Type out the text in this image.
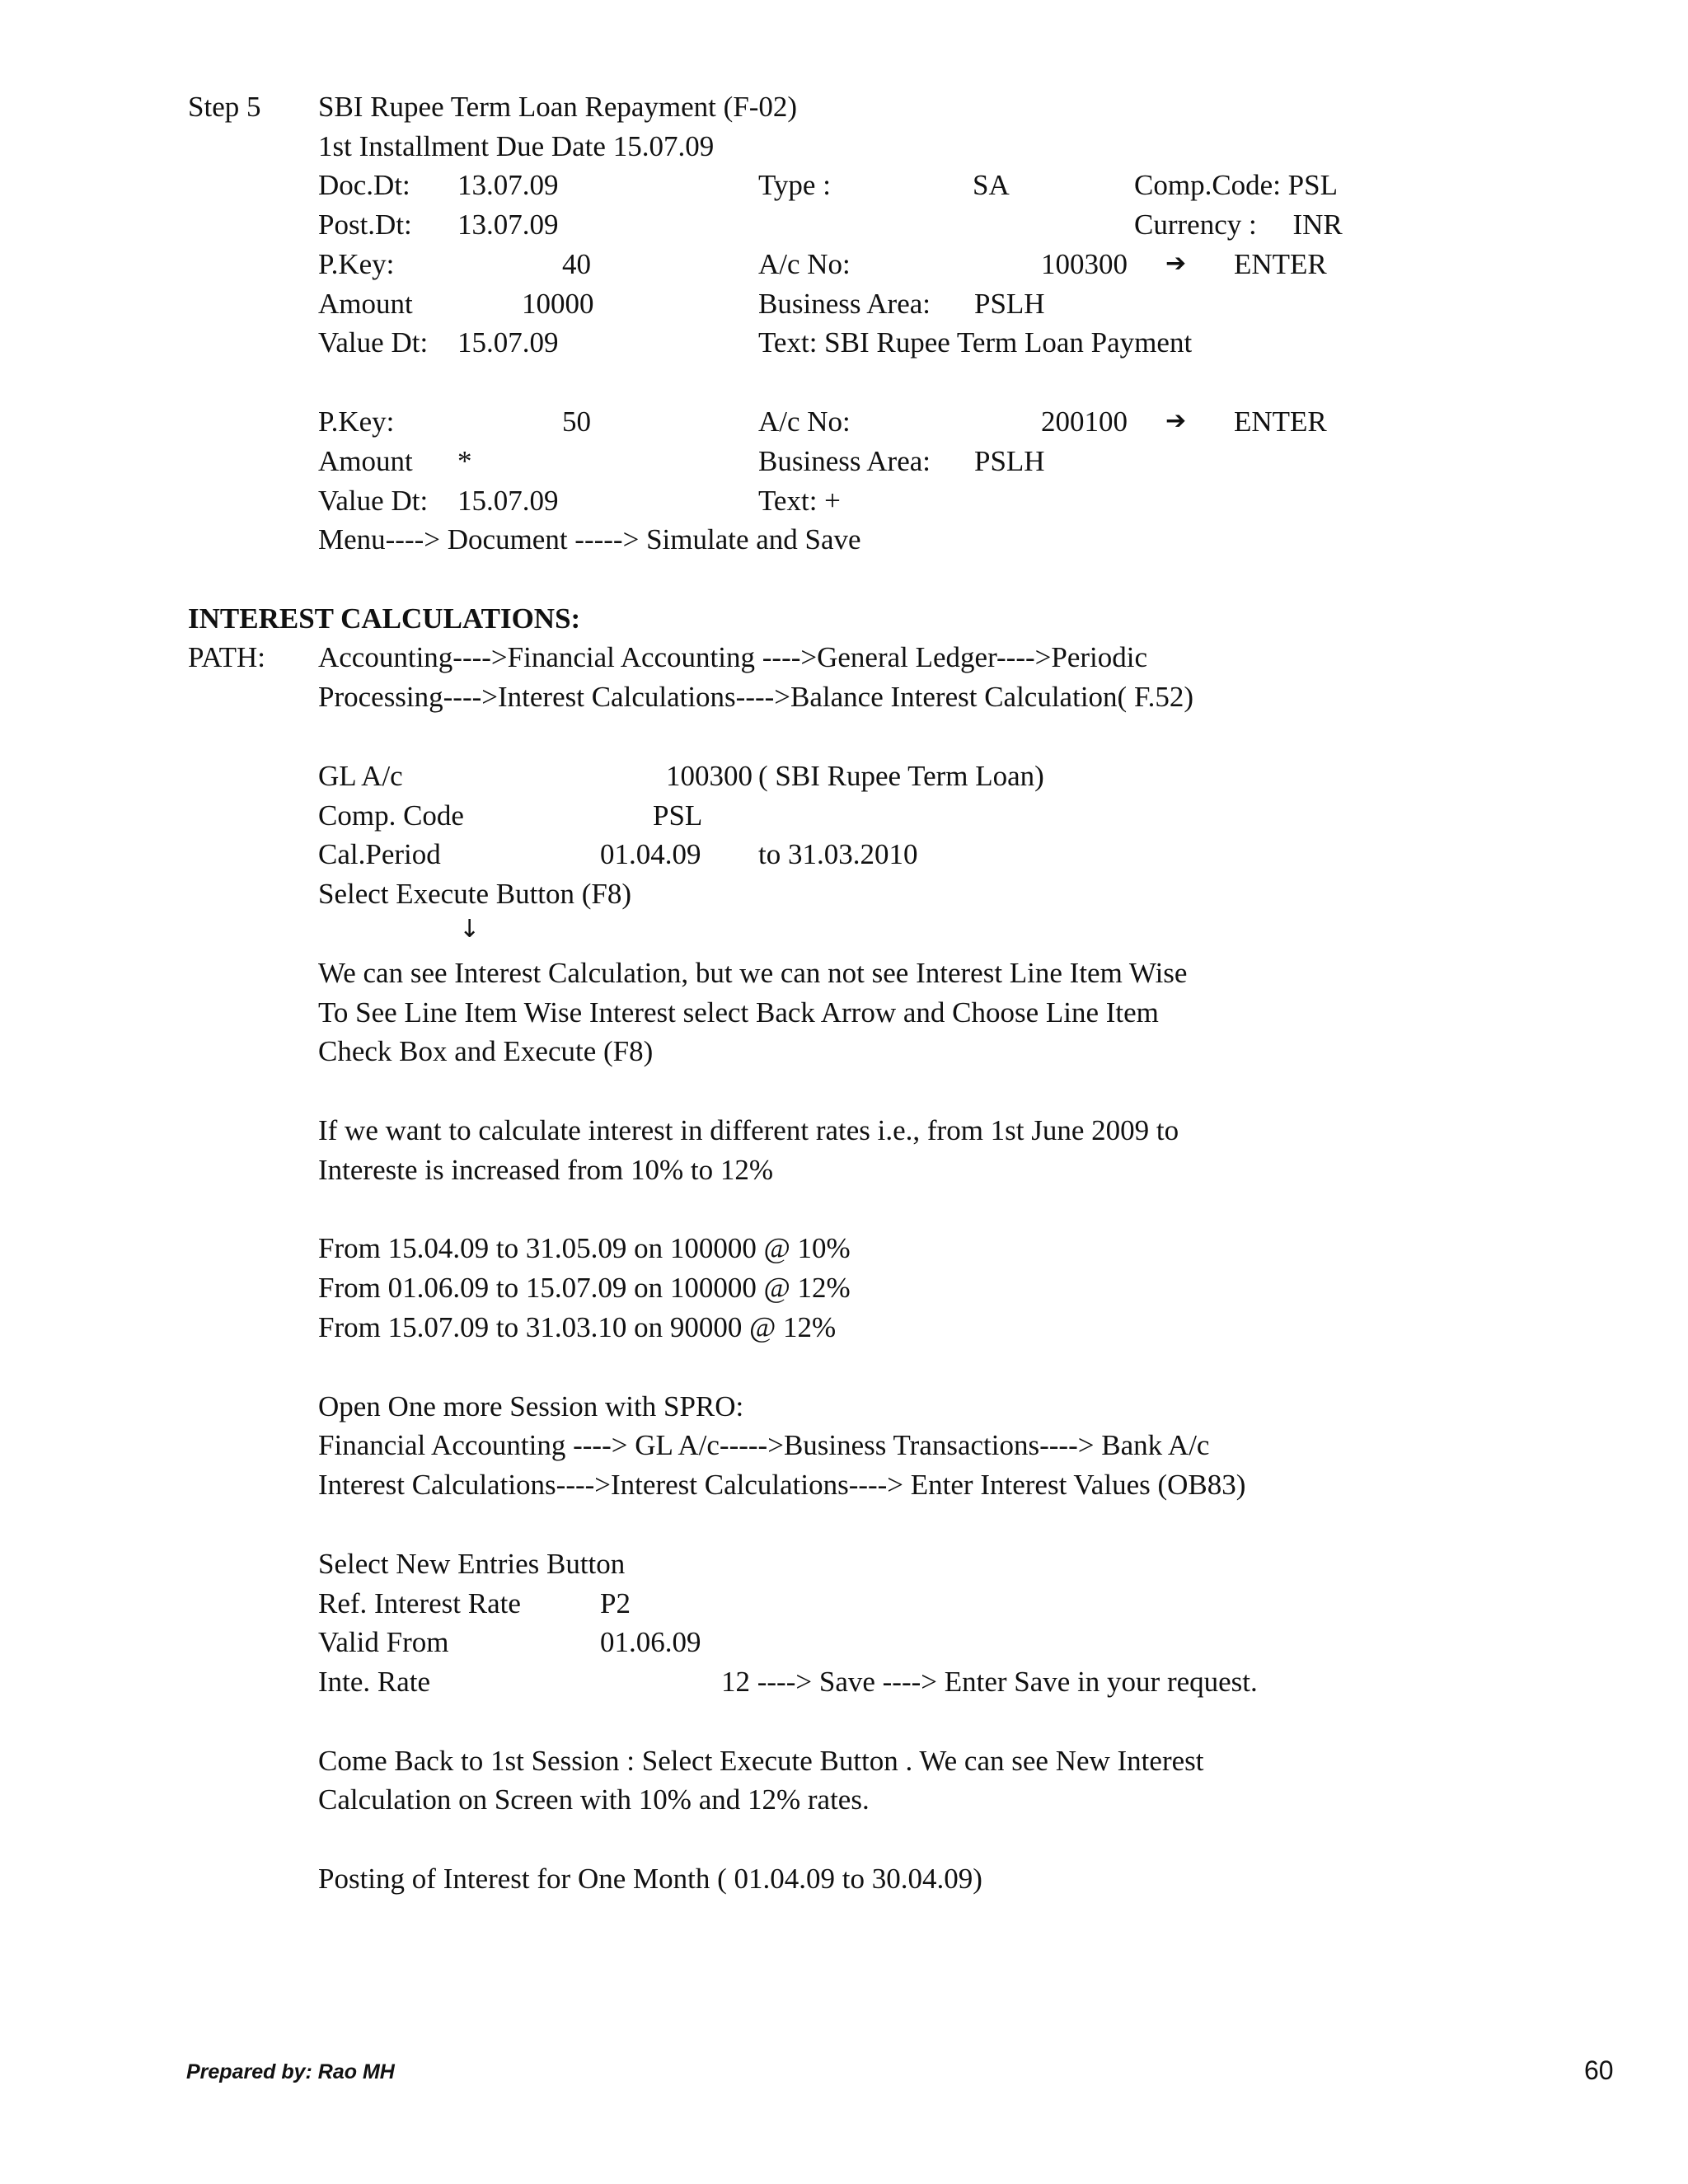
Step 5 SBI Rupee Term Loan Repayment (F-02)
1st Installment Due Date 15.07.09
Doc.Dt: 13.07.09	Type :	SA	Comp.Code: PSL
Post.Dt: 13.07.09	Currency :     INR
P.Key:	40	A/c No:	100300 ➔ ENTER
Amount	10000	Business Area: PSLH
Value Dt: 15.07.09	Text: SBI Rupee Term Loan Payment
P.Key:	50	A/c No:	200100 ➔ ENTER
Amount *	Business Area: PSLH
Value Dt: 15.07.09	Text: +
Menu----> Document -----> Simulate and Save
INTEREST CALCULATIONS:
PATH: Accounting---->Financial Accounting ---->General Ledger---->Periodic
Processing---->Interest Calculations---->Balance Interest Calculation( F.52)
GL A/c	100300 ( SBI Rupee Term Loan)
Comp. Code	PSL
Cal.Period	01.04.09 to 31.03.2010
Select Execute Button (F8)
↓
We can see Interest Calculation, but we can not see Interest Line Item Wise
To See Line Item Wise Interest select Back Arrow and Choose Line Item
Check Box and Execute (F8)
If we want to calculate interest in different rates i.e., from 1st June 2009 to
Intereste is increased from 10% to 12%
From 15.04.09 to 31.05.09 on 100000 @ 10%
From 01.06.09 to 15.07.09 on 100000 @ 12%
From 15.07.09 to 31.03.10 on 90000 @ 12%
Open One more Session with SPRO:
Financial Accounting ----> GL A/c----->Business Transactions----> Bank A/c
Interest Calculations---->Interest Calculations----> Enter Interest Values (OB83)
Select New Entries Button
Ref. Interest Rate	P2
Valid From	01.06.09
Inte. Rate	12 ----> Save ----> Enter Save in your request.
Come Back to 1st Session : Select Execute Button . We can see New Interest
Calculation on Screen with 10% and 12% rates.
Posting of Interest for One Month ( 01.04.09 to 30.04.09)
Prepared by: Rao MH	60
